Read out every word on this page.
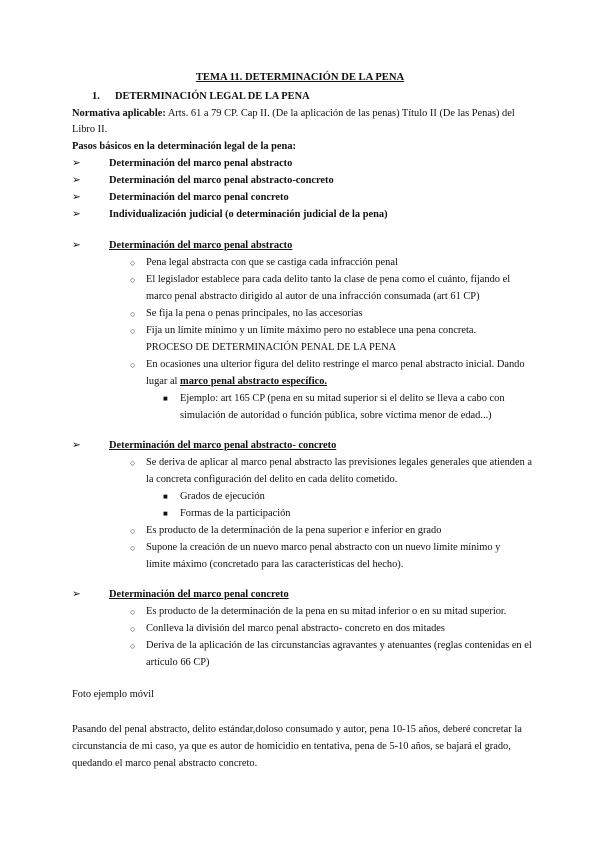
TEMA 11. DETERMINACIÓN DE LA PENA
1. DETERMINACIÓN LEGAL DE LA PENA
Normativa aplicable: Arts. 61 a 79 CP. Cap II. (De la aplicación de las penas) Título II (De las Penas) del
Libro II.
Pasos básicos en la determinación legal de la pena:
➢	Determinación del marco penal abstracto
➢	Determinación del marco penal abstracto-concreto
➢	Determinación del marco penal concreto
➢	Individualización judicial (o determinación judicial de la pena)
➢	Determinación del marco penal abstracto
○ Pena legal abstracta con que se castiga cada infracción penal
○ El legislador establece para cada delito tanto la clase de pena como el cuánto, fijando el
marco penal abstracto dirigido al autor de una infracción consumada (art 61 CP)
○ Se fija la pena o penas principales, no las accesorias
○ Fija un límite mínimo y un límite máximo pero no establece una pena concreta.
PROCESO DE DETERMINACIÓN PENAL DE LA PENA
○ En ocasiones una ulterior figura del delito restringe el marco penal abstracto inicial. Dando
lugar al marco penal abstracto específico.
■ Ejemplo: art 165 CP (pena en su mitad superior si el delito se lleva a cabo con
simulación de autoridad o función pública, sobre víctima menor de edad...)
➢	Determinación del marco penal abstracto- concreto
○ Se deriva de aplicar al marco penal abstracto las previsiones legales generales que atienden a
la concreta configuración del delito en cada delito cometido.
■ Grados de ejecución
■ Formas de la participación
○ Es producto de la determinación de la pena superior e inferior en grado
○ Supone la creación de un nuevo marco penal abstracto con un nuevo límite mínimo y
límite máximo (concretado para las características del hecho).
➢	Determinación del marco penal concreto
○ Es producto de la determinación de la pena en su mitad inferior o en su mitad superior.
○ Conlleva la división del marco penal abstracto- concreto en dos mitades
○ Deriva de la aplicación de las circunstancias agravantes y atenuantes (reglas contenidas en el
artículo 66 CP)
Foto ejemplo móvil
Pasando del penal abstracto, delito estándar,doloso consumado y autor, pena 10-15 años, deberé concretar la
circunstancia de mi caso, ya que es autor de homicidio en tentativa, pena de 5-10 años, se bajará el grado,
quedando el marco penal abstracto concreto.
